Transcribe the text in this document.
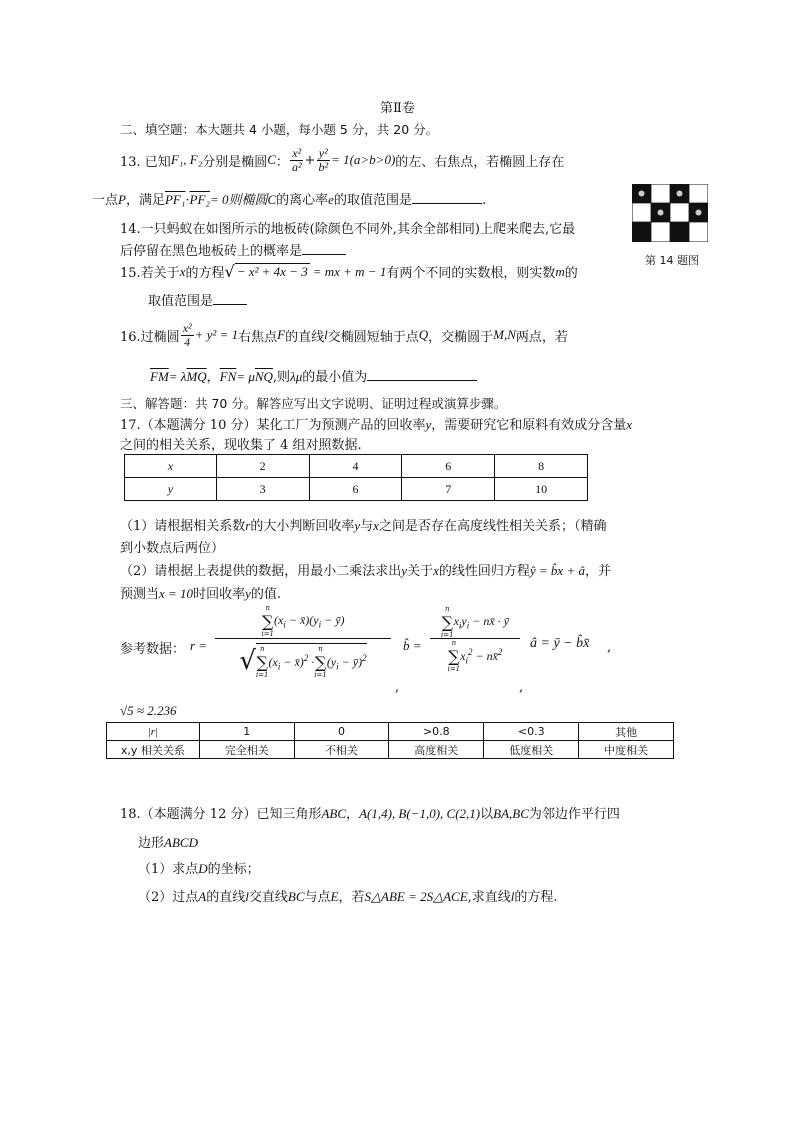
第Ⅱ卷
二、填空题：本大题共 4 小题，每小题 5 分，共 20 分。
13. 已知 F₁, F₂ 分别是椭圆 C ： $\frac{\text{x²}}{\text{a²}} + \frac{\text{y²}}{\text{b²}} = 1(a>b>0)$ 的左、右焦点，若椭圆上存在
一点 P ，满足 PF₁ · PF₂ = 0则椭圆 C 的离心率 e 的取值范围是	.
第 14 题图
14.一只蚂蚁在如图所示的地板砖(除颜色不同外,其余全部相同)上爬来爬去,它最
后停留在黑色地板砖上的概率是
15.若关于 x 的方程 √ − x² + 4x − 3 = mx + m − 1 有两个不同的实数根，则实数 m 的
取值范围是
16.过椭圆 $\frac{\text{x²}}{4} + y^2 = 1$ 右焦点 F 的直线 l 交椭圆短轴于点 Q ，交椭圆于 M,N 两点，若
$\overline{FM} = \lambda$ $\overline{MQ}$ ， $\overline{FN} = \mu$ $\overline{NQ}$ ,则 λμ 的最小值为
三、解答题：共 70 分。解答应写出文字说明、证明过程或演算步骤。
17.（本题满分 10 分）某化工厂为预测产品的回收率 y ，需要研究它和原料有效成分含量 x
之间的相关关系，现收集了 4 组对照数据.
x	2	4	6	8
y	3	6	7	10
（1）请根据相关系数 r 的大小判断回收率 y 与 x 之间是否存在高度线性相关关系；（精确
到小数点后两位）
（2）请根据上表提供的数据，用最小二乘法求出 y 关于 x 的线性回归方程 ŷ = b̂x + â ，并
预测当 x = 10 时回收率 y 的值.
参考数据： r =
n
∑
i=1
($x_i$ − $x̄)(y_i$ − ȳ)
√ n
∑
i=1
($x_i$ − x̄)$^2$ ·
n
∑
i=1
($y_i$ − ȳ)$^2$
,
b̂ =
n
∑
i=1
$x_iy_i$ − nx̄ · ȳ
n
∑
i=1
$x_i^2$ − nx̄$^2$
,
â = ȳ − b̂x̄ ,
√5 ≈ 2.236
|r|	1	0	>0.8	<0.3	其他
x,y 相关关系	完全相关	不相关	高度相关	低度相关	中度相关
18.（本题满分 12 分）已知三角形 ABC ， A(1,4), B(−1,0), C(2,1) 以 BA,BC 为邻边作平行四
边形 ABCD
（1）求点 D 的坐标；
（2）过点 A 的直线 l 交直线 BC 与点 E ，若 S△ABE = 2S△ACE ,求直线 l 的方程.
